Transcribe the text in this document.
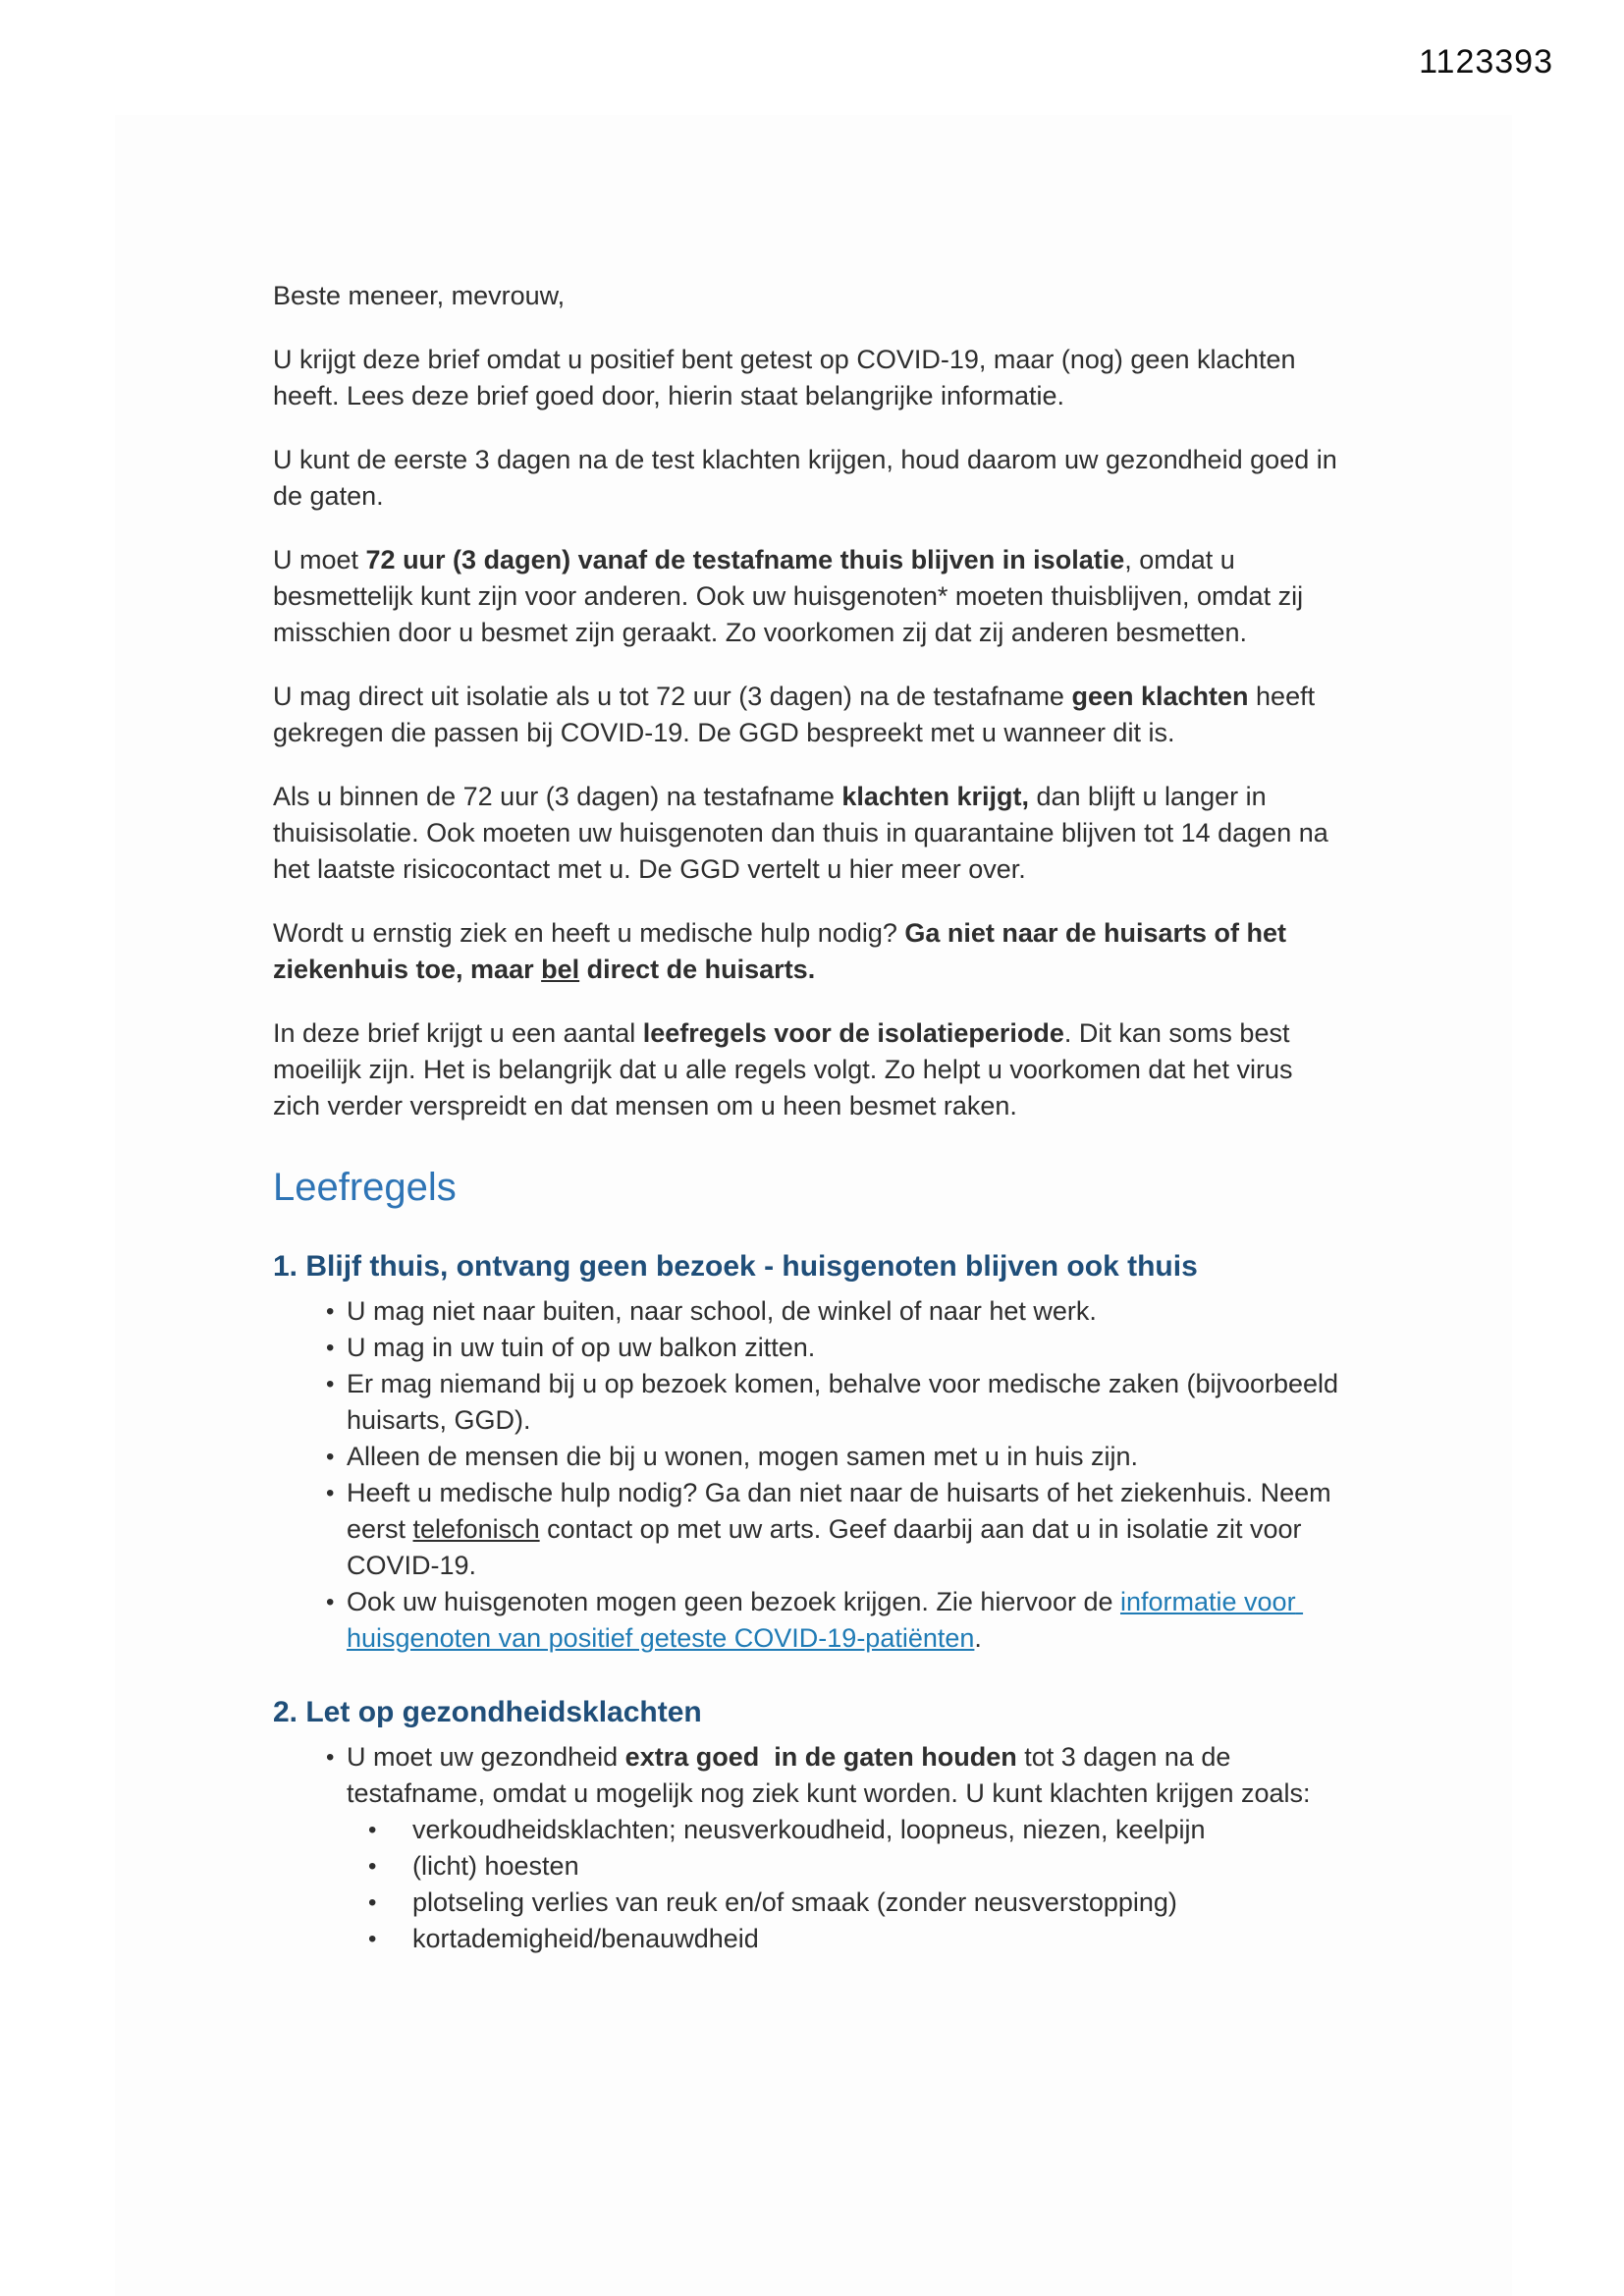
1123393

Beste meneer, mevrouw,

U krijgt deze brief omdat u positief bent getest op COVID-19, maar (nog) geen klachten heeft. Lees deze brief goed door, hierin staat belangrijke informatie.

U kunt de eerste 3 dagen na de test klachten krijgen, houd daarom uw gezondheid goed in de gaten.

U moet 72 uur (3 dagen) vanaf de testafname thuis blijven in isolatie, omdat u besmettelijk kunt zijn voor anderen. Ook uw huisgenoten* moeten thuisblijven, omdat zij misschien door u besmet zijn geraakt. Zo voorkomen zij dat zij anderen besmetten.

U mag direct uit isolatie als u tot 72 uur (3 dagen) na de testafname geen klachten heeft gekregen die passen bij COVID-19. De GGD bespreekt met u wanneer dit is.

Als u binnen de 72 uur (3 dagen) na testafname klachten krijgt, dan blijft u langer in thuisisolatie. Ook moeten uw huisgenoten dan thuis in quarantaine blijven tot 14 dagen na het laatste risicocontact met u. De GGD vertelt u hier meer over.

Wordt u ernstig ziek en heeft u medische hulp nodig? Ga niet naar de huisarts of het ziekenhuis toe, maar bel direct de huisarts.

In deze brief krijgt u een aantal leefregels voor de isolatieperiode. Dit kan soms best moeilijk zijn. Het is belangrijk dat u alle regels volgt. Zo helpt u voorkomen dat het virus zich verder verspreidt en dat mensen om u heen besmet raken.

Leefregels
1. Blijf thuis, ontvang geen bezoek - huisgenoten blijven ook thuis
• U mag niet naar buiten, naar school, de winkel of naar het werk.
• U mag in uw tuin of op uw balkon zitten.
• Er mag niemand bij u op bezoek komen, behalve voor medische zaken (bijvoorbeeld huisarts, GGD).
• Alleen de mensen die bij u wonen, mogen samen met u in huis zijn.
• Heeft u medische hulp nodig? Ga dan niet naar de huisarts of het ziekenhuis. Neem eerst telefonisch contact op met uw arts. Geef daarbij aan dat u in isolatie zit voor COVID-19.
• Ook uw huisgenoten mogen geen bezoek krijgen. Zie hiervoor de informatie voor huisgenoten van positief geteste COVID-19-patiënten.
2. Let op gezondheidsklachten
• U moet uw gezondheid extra goed  in de gaten houden tot 3 dagen na de testafname, omdat u mogelijk nog ziek kunt worden. U kunt klachten krijgen zoals:
• verkoudheidsklachten; neusverkoudheid, loopneus, niezen, keelpijn
• (licht) hoesten
• plotseling verlies van reuk en/of smaak (zonder neusverstopping)
• kortademigheid/benauwdheid
